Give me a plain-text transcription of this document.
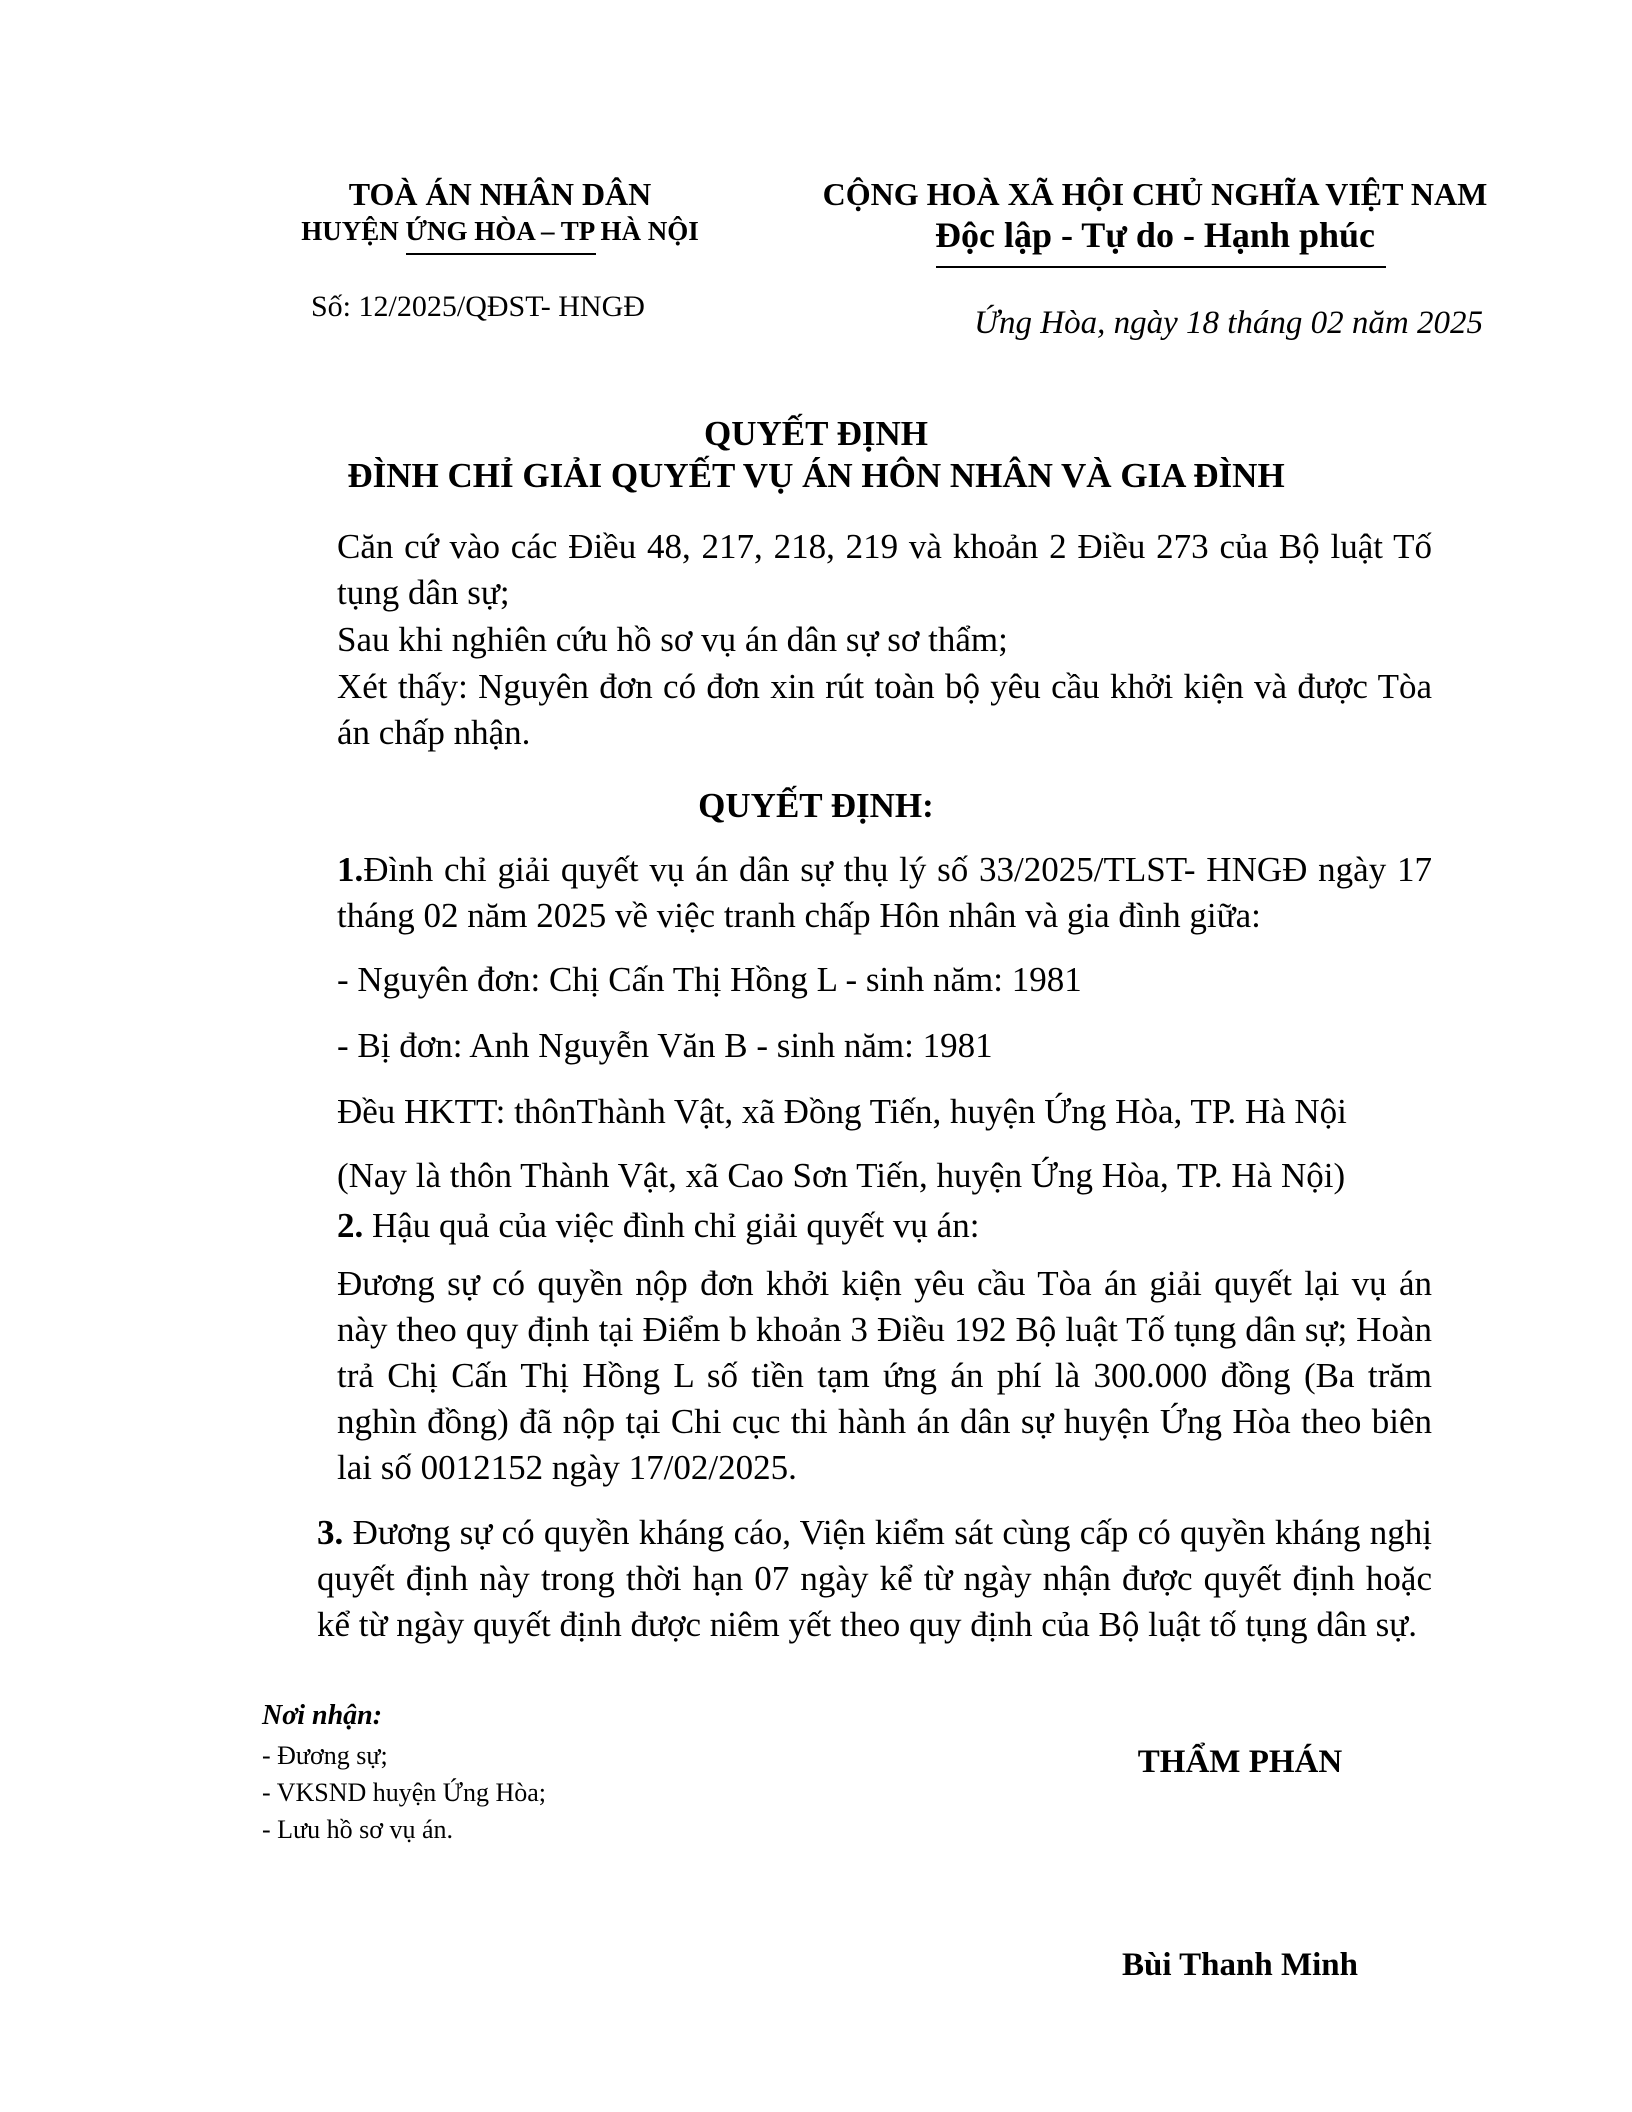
TOÀ ÁN NHÂN DÂN
HUYỆN ỨNG HÒA – TP HÀ NỘI
Số: 12/2025/QĐST- HNGĐ
CỘNG HOÀ XÃ HỘI CHỦ NGHĨA VIỆT NAM
Độc lập - Tự do - Hạnh phúc
Ứng Hòa, ngày 18 tháng 02 năm 2025
QUYẾT ĐỊNH
ĐÌNH CHỈ GIẢI QUYẾT VỤ ÁN HÔN NHÂN VÀ GIA ĐÌNH
Căn cứ vào các Điều 48, 217, 218, 219 và khoản 2 Điều 273 của Bộ luật Tố tụng dân sự;
Sau khi nghiên cứu hồ sơ vụ án dân sự sơ thẩm;
Xét thấy: Nguyên đơn có đơn xin rút toàn bộ yêu cầu khởi kiện và được Tòa án chấp nhận.
QUYẾT ĐỊNH:
1.Đình chỉ giải quyết vụ án dân sự thụ lý số 33/2025/TLST- HNGĐ ngày 17 tháng 02 năm 2025 về việc tranh chấp Hôn nhân và gia đình giữa:
- Nguyên đơn: Chị Cấn Thị Hồng L - sinh năm: 1981
- Bị đơn: Anh Nguyễn Văn B - sinh năm: 1981
Đều HKTT: thônThành Vật, xã Đồng Tiến, huyện Ứng Hòa, TP. Hà Nội
(Nay là thôn Thành Vật, xã Cao Sơn Tiến, huyện Ứng Hòa, TP. Hà Nội)
2. Hậu quả của việc đình chỉ giải quyết vụ án:
Đương sự có quyền nộp đơn khởi kiện yêu cầu Tòa án giải quyết lại vụ án này theo quy định tại Điểm b khoản 3 Điều 192 Bộ luật Tố tụng dân sự; Hoàn trả Chị Cấn Thị Hồng L số tiền tạm ứng án phí là 300.000 đồng (Ba trăm nghìn đồng) đã nộp tại Chi cục thi hành án dân sự huyện Ứng Hòa theo biên lai số 0012152 ngày 17/02/2025.
3. Đương sự có quyền kháng cáo, Viện kiểm sát cùng cấp có quyền kháng nghị quyết định này trong thời hạn 07 ngày kể từ ngày nhận được quyết định hoặc kể từ ngày quyết định được niêm yết theo quy định của Bộ luật tố tụng dân sự.
Nơi nhận:
- Đương sự;
- VKSND huyện Ứng Hòa;
- Lưu hồ sơ vụ án.
THẨM PHÁN
Bùi Thanh Minh
